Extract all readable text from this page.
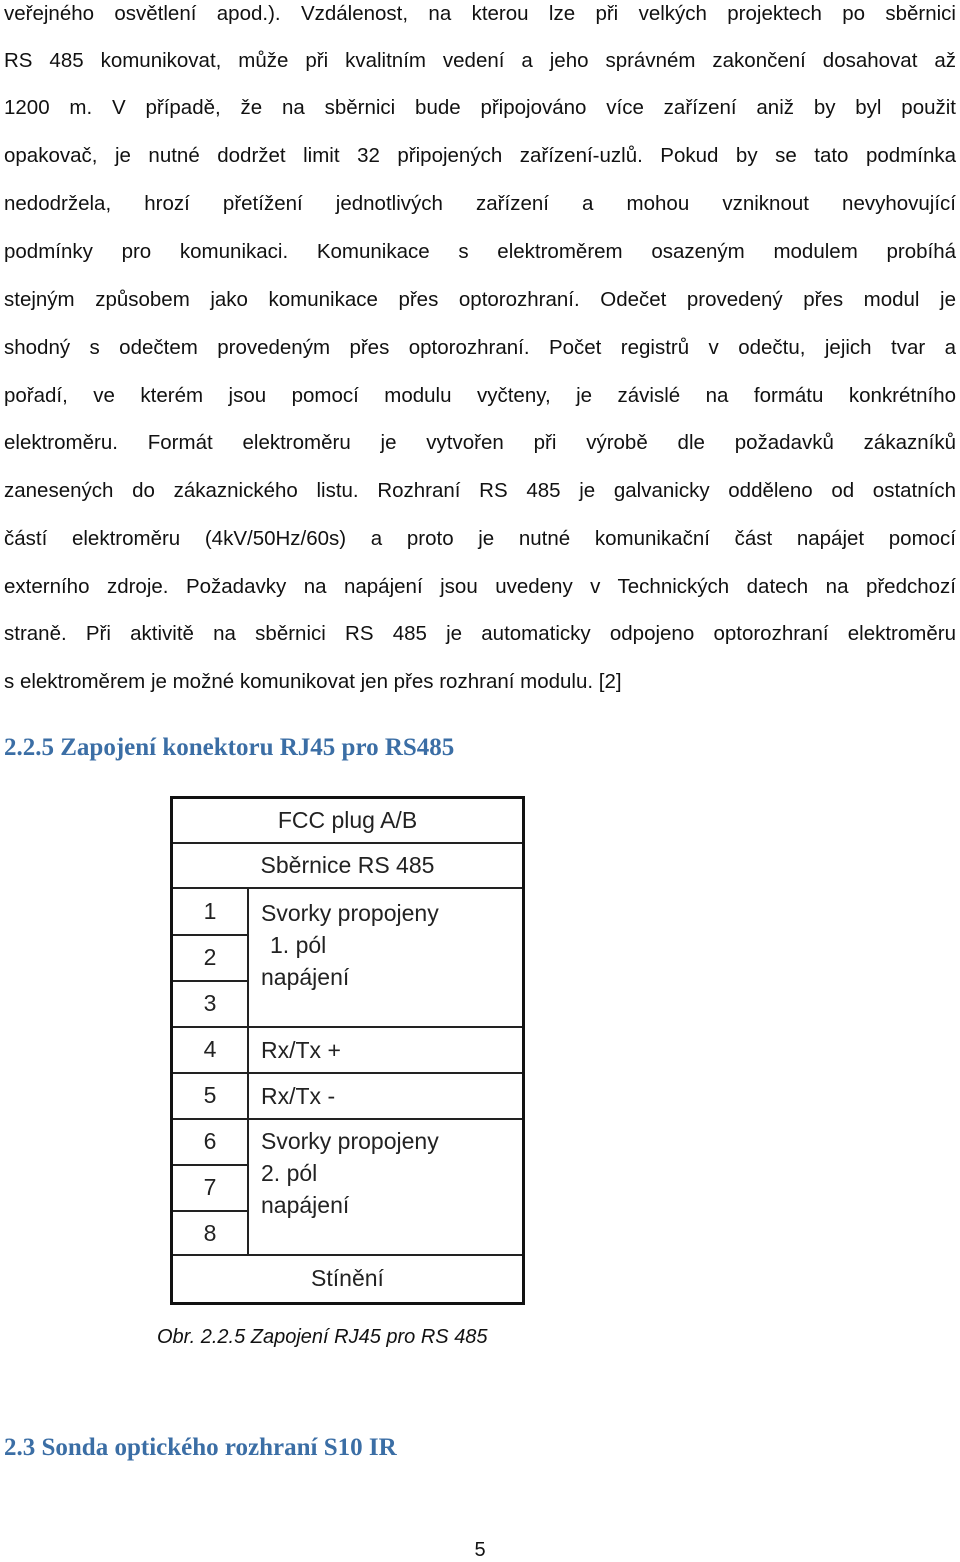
veřejného osvětlení apod.). Vzdálenost, na kterou lze při velkých projektech po sběrnici
RS 485 komunikovat, může při kvalitním vedení a jeho správném zakončení dosahovat až
1200 m. V případě, že na sběrnici bude připojováno více zařízení aniž by byl použit
opakovač, je nutné dodržet limit 32 připojených zařízení-uzlů. Pokud by se tato podmínka
nedodržela, hrozí přetížení jednotlivých zařízení a mohou vzniknout nevyhovující
podmínky pro komunikaci. Komunikace s elektroměrem osazeným modulem probíhá
stejným způsobem jako komunikace přes optorozhraní. Odečet provedený přes modul je
shodný s odečtem provedeným přes optorozhraní. Počet registrů v odečtu, jejich tvar a
pořadí, ve kterém jsou pomocí modulu vyčteny, je závislé na formátu konkrétního
elektroměru. Formát elektroměru je vytvořen při výrobě dle požadavků zákazníků
zanesených do zákaznického listu. Rozhraní RS 485 je galvanicky odděleno od ostatních
částí elektroměru (4kV/50Hz/60s) a proto je nutné komunikační část napájet pomocí
externího zdroje. Požadavky na napájení jsou uvedeny v Technických datech na předchozí
straně. Při aktivitě na sběrnici RS 485 je automaticky odpojeno optorozhraní elektroměru
s elektroměrem je možné komunikovat jen přes rozhraní modulu. [2]
2.2.5 Zapojení konektoru RJ45 pro RS485
FCC plug A/B
Sběrnice RS 485
1
2
3
4
5
6
7
8
Svorky propojeny
1. pól
napájení
Rx/Tx +
Rx/Tx -
Svorky propojeny
2. pól
napájení
Stínění
Obr. 2.2.5 Zapojení RJ45 pro RS 485
2.3 Sonda optického rozhraní S10 IR
5
